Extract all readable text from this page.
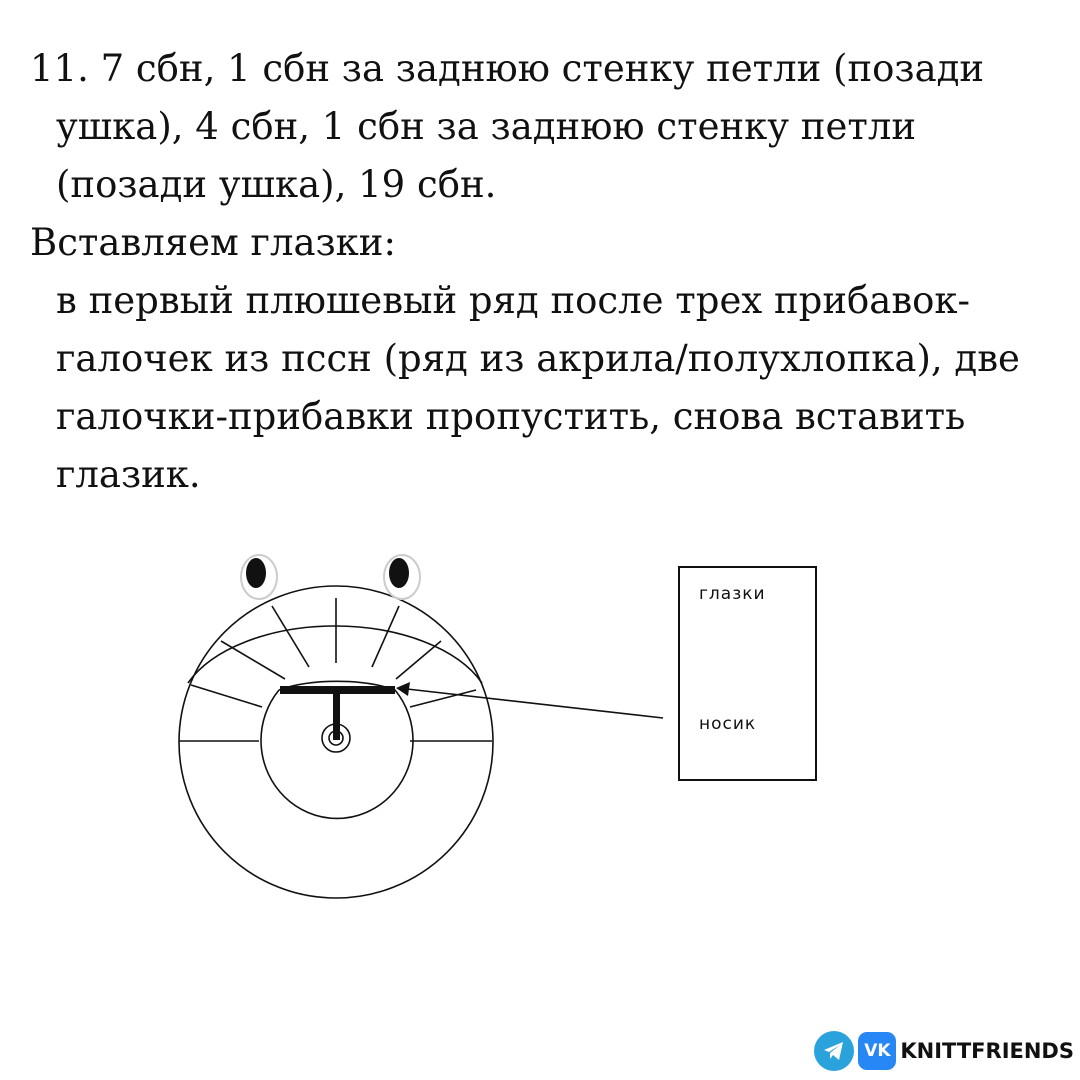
11. 7 сбн, 1 сбн за заднюю стенку петли (позади

ушка), 4 сбн, 1 сбн за заднюю стенку петли

(позади ушка), 19 сбн.

Вставляем глазки:

в первый плюшевый ряд после трех прибавок-

галочек из пссн (ряд из акрила/полухлопка), две

галочки-прибавки пропустить, снова вставить

глазик.

глазки
носик
VK KNITTFRIENDS
